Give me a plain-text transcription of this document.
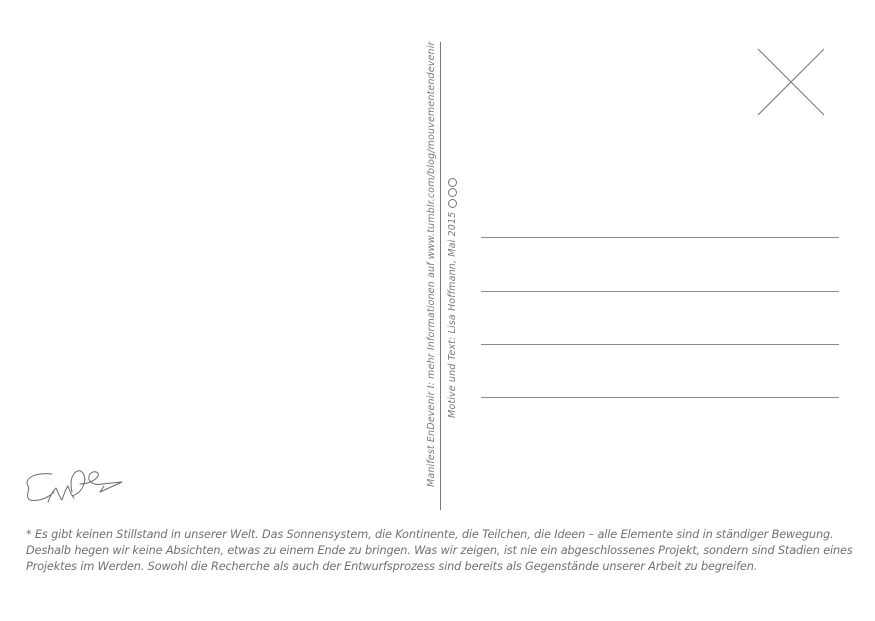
Manifest EnDevenir I: mehr Informationen auf www.tumblr.com/blog/mouvementendevenir Motive und Text: Lisa Hoffmann, Mai 2015
* Es gibt keinen Stillstand in unserer Welt. Das Sonnensystem, die Kontinente, die Teilchen, die Ideen – alle Elemente sind in ständiger Bewegung. Deshalb hegen wir keine Absichten, etwas zu einem Ende zu bringen. Was wir zeigen, ist nie ein abgeschlossenes Projekt, sondern sind Stadien eines Projektes im Werden. Sowohl die Recherche als auch der Entwurfsprozess sind bereits als Gegenstände unserer Arbeit zu begreifen.
